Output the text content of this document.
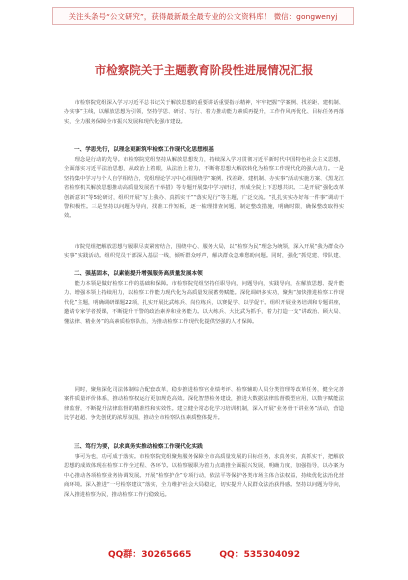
关注头条号“公文研究”，获得最新最全最专业的公文资料库！ 微信：gongwenyj
市检察院关于主题教育阶段性进展情况汇报

市检察院党组深入学习习近平总书记关于解放思想的重要讲话重要指示精神，牢牢把握“学案例、找差距、建机制、办实事”主线，以解放思想为引领，坚持学思、研讨、写行、着力推动能力素质再提升，工作作风再优化、目标任务再落实，全力服务保障全市振兴发展和现代化强市建设。

一、学思先行，以理念更新筑牢检察工作现代化思想根基

理念是行动的先导。市检察院党组坚持从解放思想发力，持续深入学习贯彻习近平新时代中国特色社会主义思想，全面落实习近平法治思想，从政治上着眼，从法治上着力，不断将思想大解放转化为检察工作现代化的强大动力。一是坚持集中学习与个人自学相结合，党组理论学习中心组围绕学“案例、找差距、建机制、办实事”活动实施方案、《黑龙江省检察机关解放思想推动高质量发展若干举措》等专题开展集中学习研讨，形成全院上下思想共识。二是开展“强化改革创新意识”等5轮研讨，组织开展“写上我办、真抓实干”“落实见行”等主题，广泛交流。“扎扎实实办好每一件事”调动干警积极性。三是坚持以问题为导向，找准工作短板，逐一梳理排查问题，制定整改措施，明确时限，确保整改取得实效。

市院党组把解放思想与履职尽责紧密结合，围绕中心、服务大局，以“检察为民”理念为统领，深入开展“我为群众办实事”实践活动。组织党员干部深入基层一线，倾听群众呼声，解决群众急难愁盼问题。同时，强化“抓党建、带队建、

二、强基固本，以素能提升增强服务高质量发展本领

能力本领是做好检察工作的基础和保障。市检察院党组坚持任职导向，问题导向，实践导向，在解放思想、提升能力、增强本领上持续用力，以检察工作能力现代化为高质量发展蓄势赋能。深化调研多实功，聚焦“加快推进检察工作现代化”主题，明确调研课题22项，扎实开展比武练兵、岗位练兵，以赛促学、以学促干。组织开展业务培训和专题讲座，邀请专家学者授课，不断提升干警的政治素养和业务能力。以大练兵、大比武为抓手，着力打造一支“讲政治、顾大局、懂法律、精业务”的高素质检察队伍，为推动检察工作现代化提供坚强的人才保障。

同时，聚焦深化司法体制综合配套改革，稳步推进检察官业绩考评、检察辅助人员分类管理等改革任务，健全完善案件质量评价体系，推动检察权运行更加规范高效。深化智慧检务建设，推进大数据法律监督模型应用，以数字赋能法律监督，不断提升法律监督的精准性和实效性。建立健全常态化学习培训机制，深入开展“业务骨干讲业务”活动，营造比学赶超、争先创优的浓厚氛围，推动全市检察队伍素质整体提升。

三、笃行为要，以求真务实推动检察工作现代化实践

事可为也，功可成于落实。市检察院党组聚焦服务保障全市高质量发展的目标任务，求真务实，真抓实干，把解放思想的成效体现在检察工作全过程、各环节。以检察履职为着力点助推全面振兴发展，明确力度，加强指导，以办案为中心推动各项检察业务协调发展。开展“检察护企”专项行动，依法平等保护各类市场主体合法权益，持续优化法治化营商环境。深入推进“一号检察建议”落实，全力维护社会大局稳定，切实提升人民群众法治获得感。坚持以问题为导向，深入推进检察为民，推动检察工作行稳致远。

QQ群：30265665	QQ：535304092
